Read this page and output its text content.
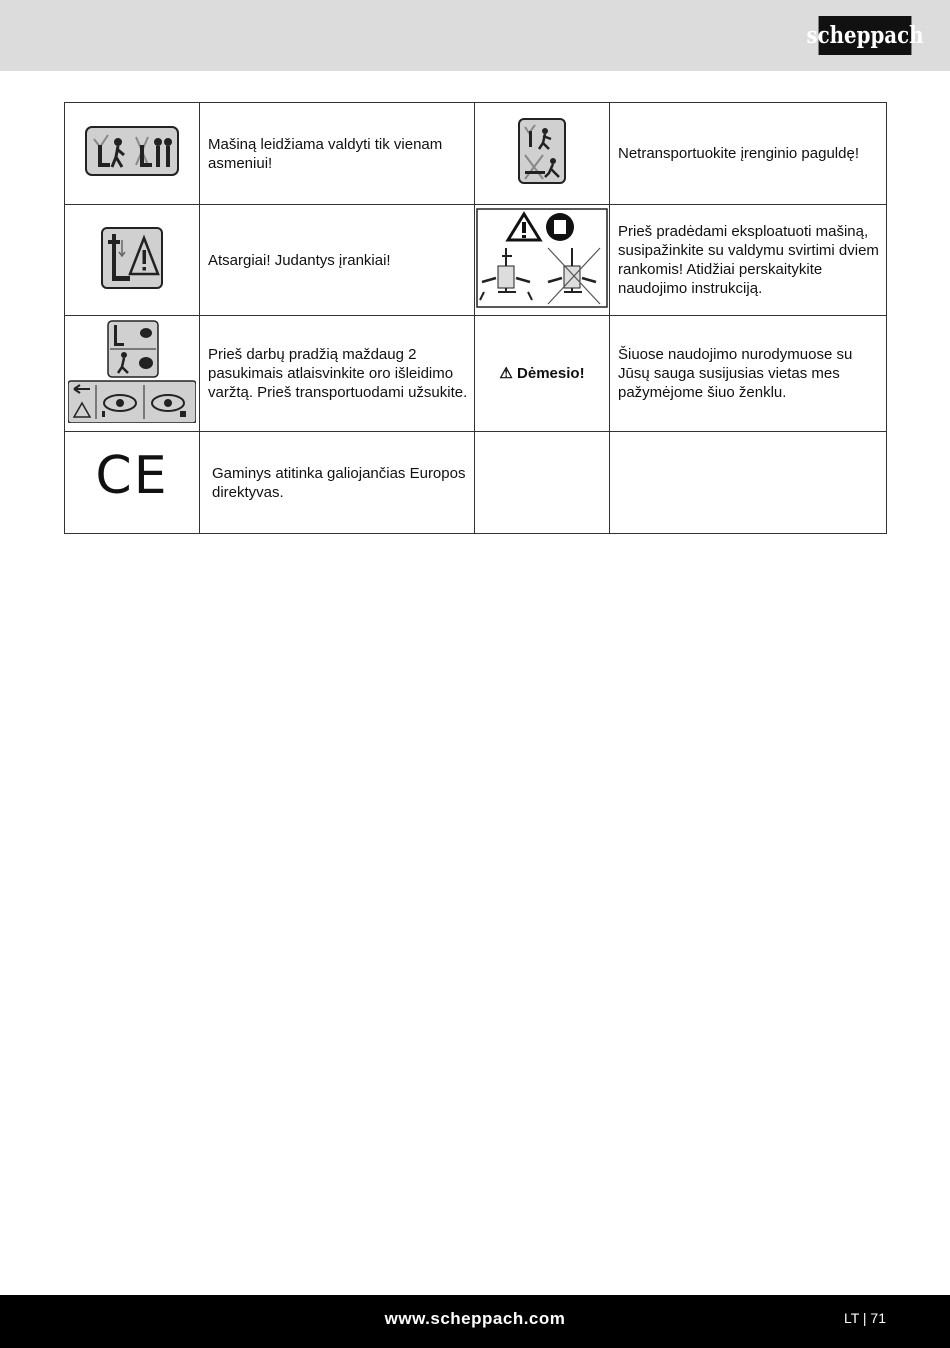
scheppach
	Mašiną leidžiama valdyti tik vienam asmeniui!		Netransportuokite įrenginio paguldę!
	Atsargiai! Judantys įrankiai!		Prieš pradėdami eksploatuoti mašiną, susipažinkite su valdymu svirtimi dviem rankomis! Atidžiai perskaitykite naudojimo instrukciją.
	Prieš darbų pradžią maždaug 2 pasukimais atlaisvinkite oro išleidimo varžtą. Prieš transportuodami užsukite.	⚠ Dėmesio!	Šiuose naudojimo nurodymuose su Jūsų sauga susijusias vietas mes pažymėjome šiuo ženklu.
CE	Gaminys atitinka galiojančias Europos direktyvas.		
www.scheppach.com	LT | 71
